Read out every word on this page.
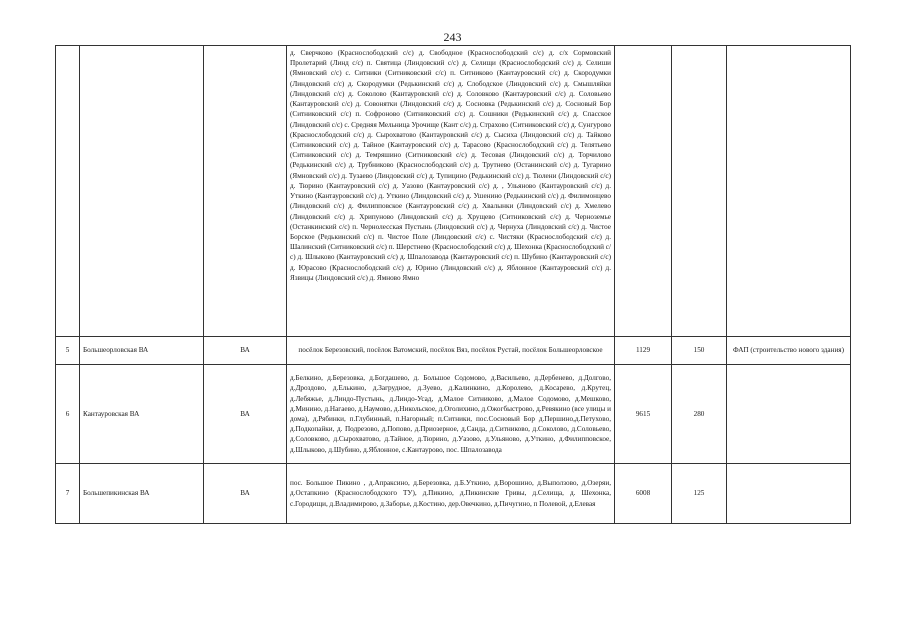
243
			д. Сверчково (Краснослободский с/с) д. Свободное (Краснослободский с/с) д. с/х Сормовский Пролетарий (Линд с/с) п. Святица (Линдовский с/с) д. Селищи (Краснослободский с/с) д. Селиши (Ямновский с/с) с. Ситники (Ситниковский с/с) п. Ситниково (Кантауровский с/с) д. Скородумки (Линдовский с/с) д. Скородумки (Редькинский с/с) д. Слободское (Линдовский с/с) д. Смышляйки (Линдовский с/с) д. Соколово (Кантауровский с/с) д. Соловково (Кантауровский с/с) д. Соловьево (Кантауровский с/с) д. Совонятки (Линдовский с/с) д. Сосновка (Редькинский с/с) д. Сосновый Бор (Ситниковский с/с) п. Софроново (Ситниковский с/с) д. Сошники (Редькинский с/с) д. Спасское (Линдовский с/с) с. Средняя Мельница Урочище (Кант с/с) д. Страхово (Ситниковский с/с) д. Сунгурово (Краснослободский с/с) д. Сырохватово (Кантауровский с/с) д. Сысиха (Линдовский с/с) д. Тайково (Ситниковский с/с) д. Тайное (Кантауровский с/с) д. Тарасово (Краснослободский с/с) д. Телятьево (Ситниковский с/с) д. Темряшино (Ситниковский с/с) д. Тесовая (Линдовский с/с) д. Торчилово (Редькинский с/с) д. Трубниково (Краснослободский с/с) д. Трутнево (Останинский с/с) д. Тугарино (Ямновский с/с) д. Тузаево (Линдовский с/с) д. Тупицино (Редькинский с/с) д. Тюлени (Линдовский с/с) д. Тюрино (Кантауровский с/с) д. Уазово (Кантауровский с/с) д. , Ульяново (Кантауровский с/с) д. Уткино (Кантауровский с/с) д. Уткино (Линдовский с/с) д. Ушенино (Редькинский с/с) д. Филимонцево (Линдовский с/с) д. Филипповское (Кантауровский с/с) д. Хвалынки (Линдовский с/с) д. Хмелево (Линдовский с/с) д. Хрипуново (Линдовский с/с) д. Хрущево (Ситниковский с/с) д. Черноземье (Останкинский с/с) п. Чернолесская Пустынь (Линдовский с/с) д. Чернуха (Линдовский с/с) д. Чистое Борское (Редькинский с/с) п. Чистое Поле (Линдовский с/с) с. Чистяки (Краснослободский с/с) д. Шалинский (Ситниковский с/с) п. Шерстнево (Краснослободский с/с) д. Шехонка (Краснослободский с/с) д. Шлыково (Кантауровский с/с) д. Шпалозавода (Кантауровский с/с) п. Шубино (Кантауровский с/с) д. Юрасово (Краснослободский с/с) д. Юрино (Линдовский с/с) д. Яблонное (Кантауровский с/с) д. Язвицы (Линдовский с/с) д. Ямново Ямно			
5	Большеорловская ВА	ВА	посёлок Березовский, посёлок Ватомский, посёлок Вяз, посёлок Рустай, посёлок Большеорловское	1129	150	ФАП (строительство нового здания)
6	Кантауровская ВА	ВА	д.Белкино, д.Березовка, д.Богдашево, д. Большое Содомово, д.Васильево, д.Дербенево, д.Долгово, д.Дроздово, д.Елькино, д.Загрудное, д.Зуево, д.Калинкино, д.Королево, д.Косарево, д.Крутец, д.Лебяжье, д.Линдо-Пустынь, д.Линдо-Усад, д.Малое Ситниково, д.Малое Содомово, д.Мешково, д.Минино, д.Нагаево, д.Наумово, д.Никольское, д.Оголихино, д.Ожогбыстрово, д.Ревякино (все улицы и дома), д.Рябинки, п.Глубинный, п.Нагорный; п.Ситники, пос.Сосновый Бор д.Першино,д.Петухово, д.Подкопайки, д. Подрезово, д.Попово, д.Приозерное, д.Санда, д.Ситниково, д.Соколово, д.Соловьево, д.Соловково, д.Сырохватово, д.Тайное, д.Тюрино, д.Уазово, д.Ульяново, д.Уткино, д.Филипповское, д.Шлыково, д.Шубино, д.Яблонное, с.Кантаурово, пос. Шпалозавода	9615	280	
7	Большепикинская ВА	ВА	пос. Большое Пикино , д.Апраксино, д.Березовка, д.Б.Уткино, д.Ворошино, д.Выползово, д.Озеряи, д.Остапкино (Краснослободского ТУ), д.Пикино, д.Пикинские Гривы, д.Селища, д. Шехонка, с.Городищи, д.Владимирово, д.Заборье, д.Костино, дер.Овечкино, д.Пичугино, п Полевой, д.Елевая	6008	125	
